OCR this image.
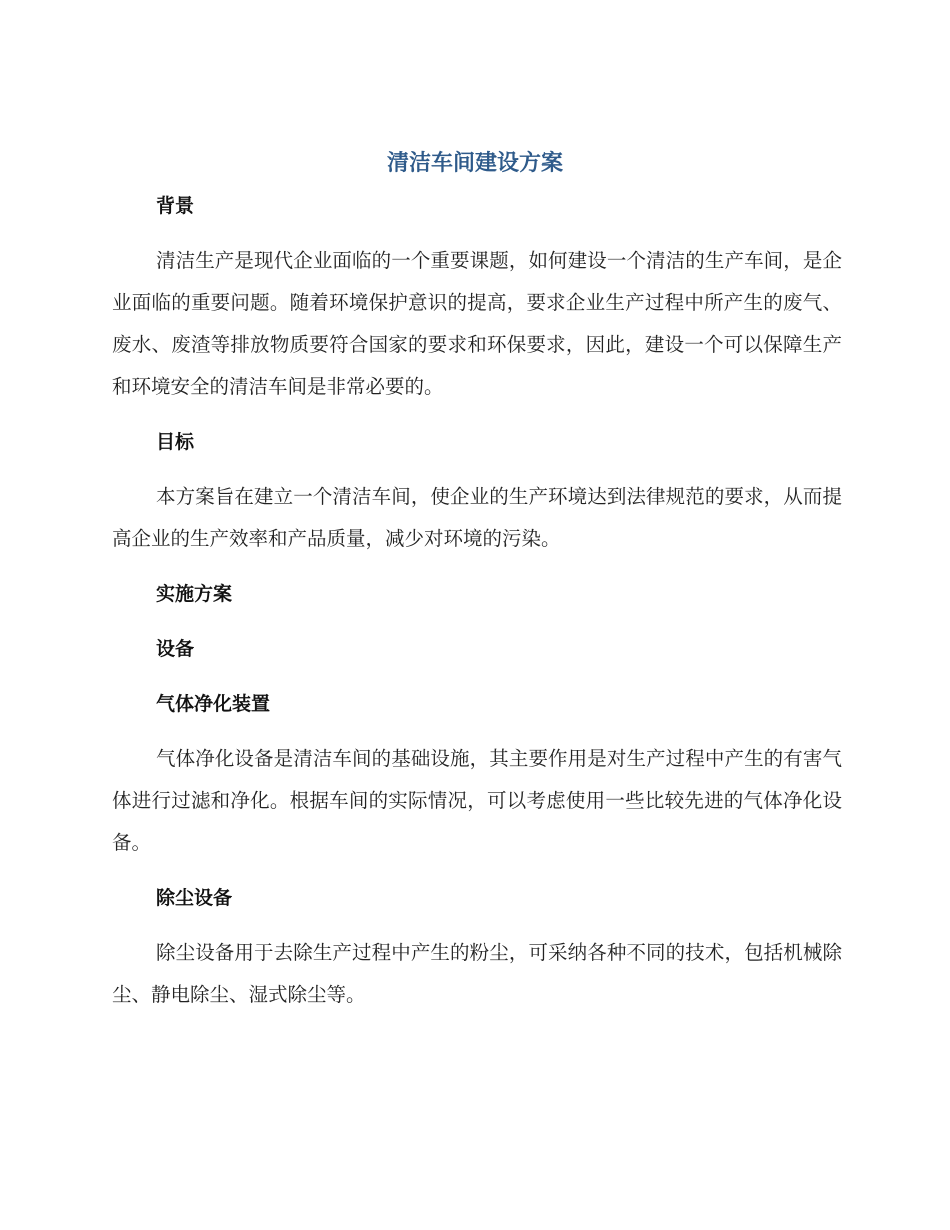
清洁车间建设方案
背景

清洁生产是现代企业面临的一个重要课题，如何建设一个清洁的生产车间，是企业面临的重要问题。随着环境保护意识的提高，要求企业生产过程中所产生的废气、废水、废渣等排放物质要符合国家的要求和环保要求，因此，建设一个可以保障生产和环境安全的清洁车间是非常必要的。

目标

本方案旨在建立一个清洁车间，使企业的生产环境达到法律规范的要求，从而提高企业的生产效率和产品质量，减少对环境的污染。

实施方案
设备
气体净化装置

气体净化设备是清洁车间的基础设施，其主要作用是对生产过程中产生的有害气体进行过滤和净化。根据车间的实际情况，可以考虑使用一些比较先进的气体净化设备。

除尘设备

除尘设备用于去除生产过程中产生的粉尘，可采纳各种不同的技术，包括机械除尘、静电除尘、湿式除尘等。
